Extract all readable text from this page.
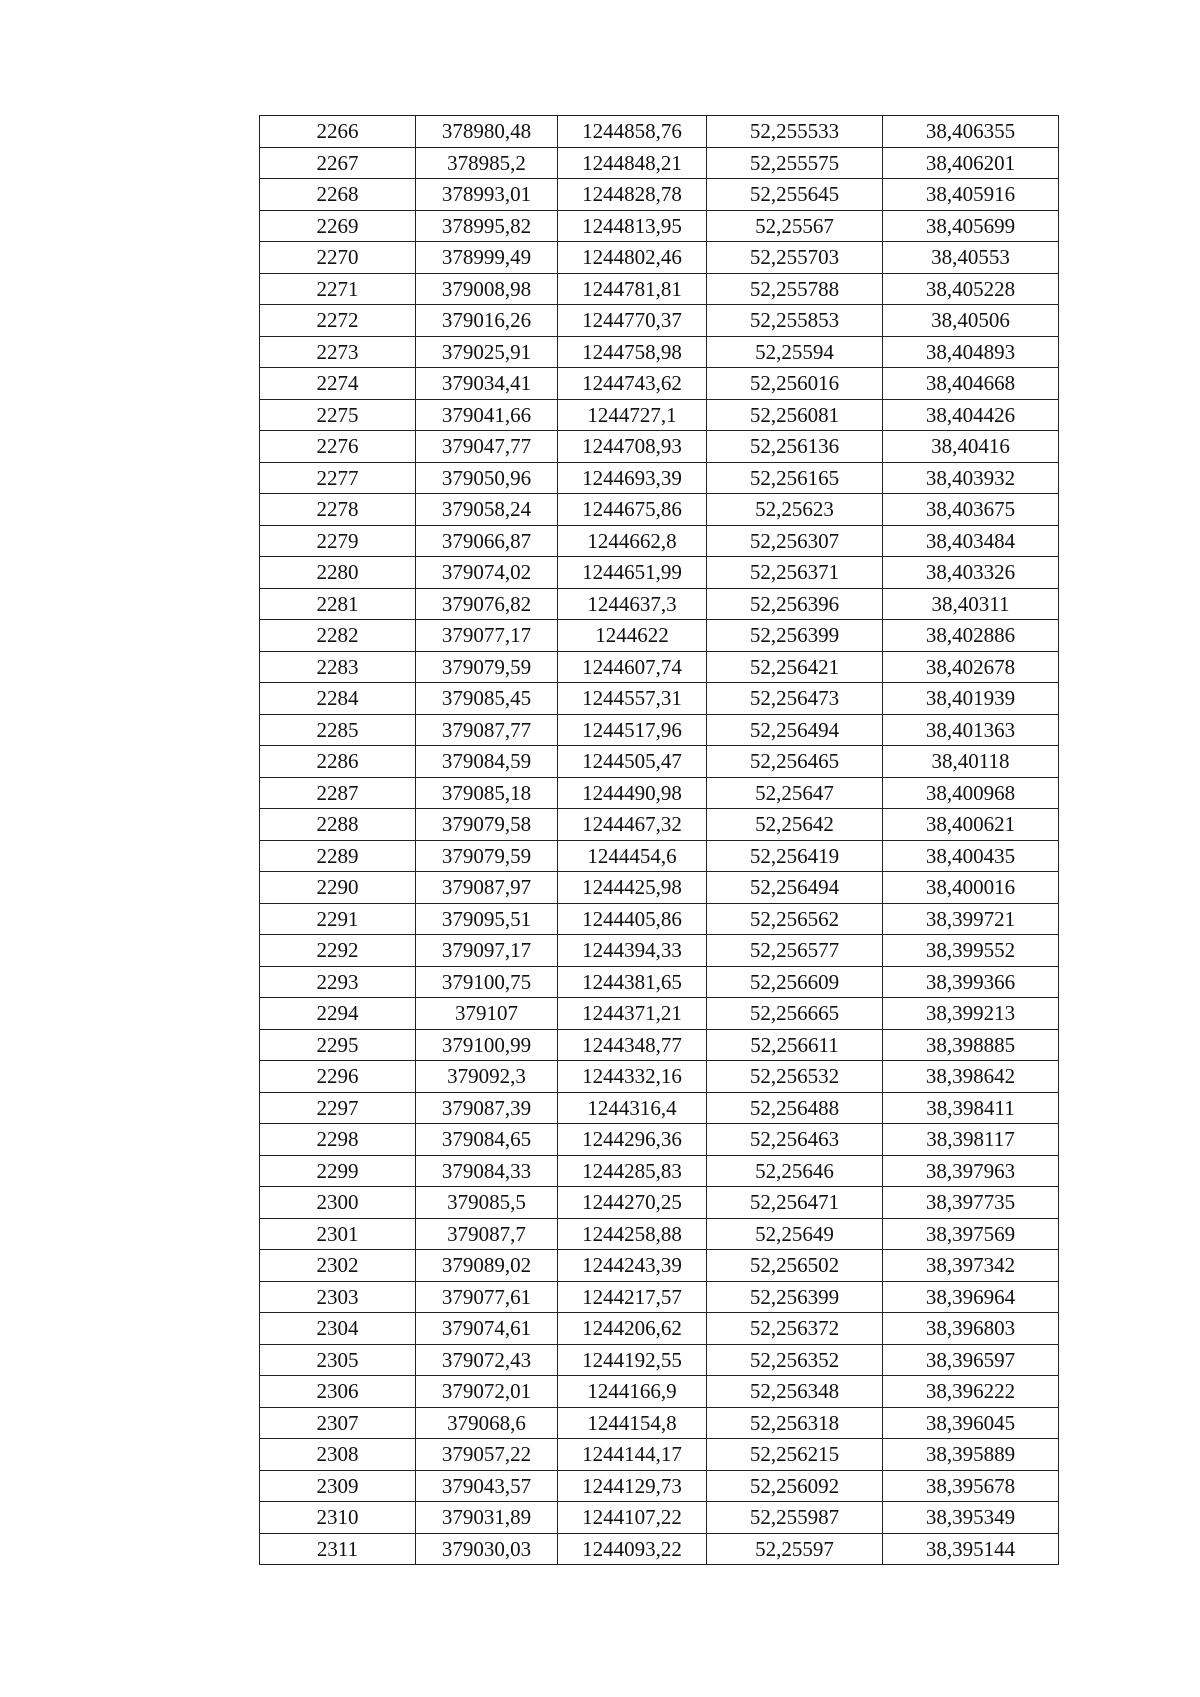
2266	378980,48	1244858,76	52,255533	38,406355
2267	378985,2	1244848,21	52,255575	38,406201
2268	378993,01	1244828,78	52,255645	38,405916
2269	378995,82	1244813,95	52,25567	38,405699
2270	378999,49	1244802,46	52,255703	38,40553
2271	379008,98	1244781,81	52,255788	38,405228
2272	379016,26	1244770,37	52,255853	38,40506
2273	379025,91	1244758,98	52,25594	38,404893
2274	379034,41	1244743,62	52,256016	38,404668
2275	379041,66	1244727,1	52,256081	38,404426
2276	379047,77	1244708,93	52,256136	38,40416
2277	379050,96	1244693,39	52,256165	38,403932
2278	379058,24	1244675,86	52,25623	38,403675
2279	379066,87	1244662,8	52,256307	38,403484
2280	379074,02	1244651,99	52,256371	38,403326
2281	379076,82	1244637,3	52,256396	38,40311
2282	379077,17	1244622	52,256399	38,402886
2283	379079,59	1244607,74	52,256421	38,402678
2284	379085,45	1244557,31	52,256473	38,401939
2285	379087,77	1244517,96	52,256494	38,401363
2286	379084,59	1244505,47	52,256465	38,40118
2287	379085,18	1244490,98	52,25647	38,400968
2288	379079,58	1244467,32	52,25642	38,400621
2289	379079,59	1244454,6	52,256419	38,400435
2290	379087,97	1244425,98	52,256494	38,400016
2291	379095,51	1244405,86	52,256562	38,399721
2292	379097,17	1244394,33	52,256577	38,399552
2293	379100,75	1244381,65	52,256609	38,399366
2294	379107	1244371,21	52,256665	38,399213
2295	379100,99	1244348,77	52,256611	38,398885
2296	379092,3	1244332,16	52,256532	38,398642
2297	379087,39	1244316,4	52,256488	38,398411
2298	379084,65	1244296,36	52,256463	38,398117
2299	379084,33	1244285,83	52,25646	38,397963
2300	379085,5	1244270,25	52,256471	38,397735
2301	379087,7	1244258,88	52,25649	38,397569
2302	379089,02	1244243,39	52,256502	38,397342
2303	379077,61	1244217,57	52,256399	38,396964
2304	379074,61	1244206,62	52,256372	38,396803
2305	379072,43	1244192,55	52,256352	38,396597
2306	379072,01	1244166,9	52,256348	38,396222
2307	379068,6	1244154,8	52,256318	38,396045
2308	379057,22	1244144,17	52,256215	38,395889
2309	379043,57	1244129,73	52,256092	38,395678
2310	379031,89	1244107,22	52,255987	38,395349
2311	379030,03	1244093,22	52,25597	38,395144
